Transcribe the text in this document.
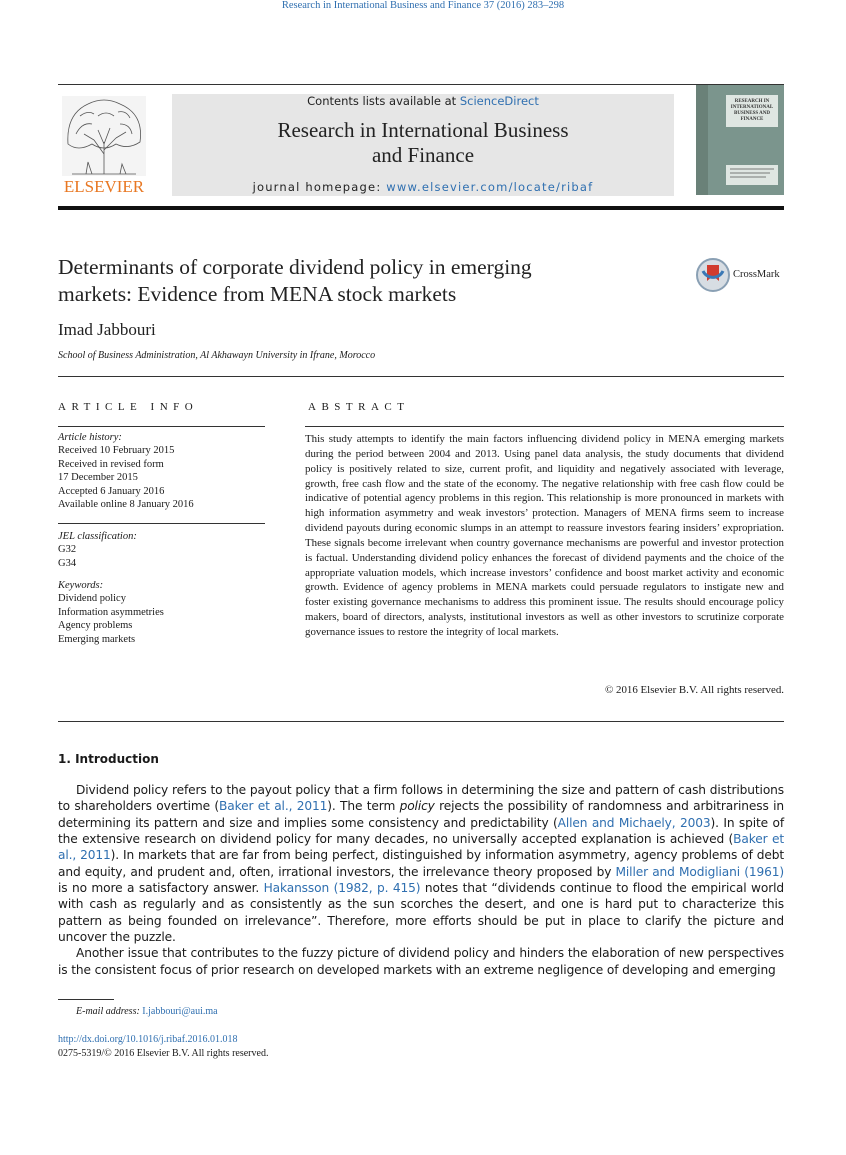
Research in International Business and Finance 37 (2016) 283–298
ELSEVIER
Contents lists available at ScienceDirect
Research in International Business
and Finance
journal homepage: www.elsevier.com/locate/ribaf
RESEARCH IN INTERNATIONAL BUSINESS AND FINANCE
Determinants of corporate dividend policy in emerging
markets: Evidence from MENA stock markets
CrossMark
Imad Jabbouri
School of Business Administration, Al Akhawayn University in Ifrane, Morocco
ARTICLE INFO	ABSTRACT
Article history:
Received 10 February 2015
Received in revised form
17 December 2015
Accepted 6 January 2016
Available online 8 January 2016
JEL classification:
G32
G34
Keywords:
Dividend policy
Information asymmetries
Agency problems
Emerging markets
This study attempts to identify the main factors influencing dividend policy in MENA emerging markets during the period between 2004 and 2013. Using panel data analysis, the study documents that dividend policy is positively related to size, current profit, and liquidity and negatively associated with leverage, growth, free cash flow and the state of the economy. The negative relationship with free cash flow could be indicative of potential agency problems in this region. This relationship is more pronounced in markets with high information asymmetry and weak investors’ protection. Managers of MENA firms seem to increase dividend payouts during economic slumps in an attempt to reassure investors fearing insiders’ expropriation. These signals become irrelevant when country governance mechanisms are powerful and investor protection is factual. Understanding dividend policy enhances the forecast of dividend payments and the choice of the appropriate valuation models, which increase investors’ confidence and boost market activity and economic growth. Evidence of agency problems in MENA markets could persuade regulators to instigate new and foster existing governance mechanisms to address this prominent issue. The results should encourage policy makers, board of directors, analysts, institutional investors as well as other investors to scrutinize corporate governance issues to restore the integrity of local markets.
© 2016 Elsevier B.V. All rights reserved.
1. Introduction

Dividend policy refers to the payout policy that a firm follows in determining the size and pattern of cash distributions to shareholders overtime (Baker et al., 2011). The term policy rejects the possibility of randomness and arbitrariness in determining its pattern and size and implies some consistency and predictability (Allen and Michaely, 2003). In spite of the extensive research on dividend policy for many decades, no universally accepted explanation is achieved (Baker et al., 2011). In markets that are far from being perfect, distinguished by information asymmetry, agency problems of debt and equity, and prudent and, often, irrational investors, the irrelevance theory proposed by Miller and Modigliani (1961) is no more a satisfactory answer. Hakansson (1982, p. 415) notes that “dividends continue to flood the empirical world with cash as regularly and as consistently as the sun scorches the desert, and one is hard put to characterize this pattern as being founded on irrelevance”. Therefore, more efforts should be put in place to clarify the picture and uncover the puzzle.

Another issue that contributes to the fuzzy picture of dividend policy and hinders the elaboration of new perspectives is the consistent focus of prior research on developed markets with an extreme negligence of developing and emerging

E-mail address: I.jabbouri@aui.ma
http://dx.doi.org/10.1016/j.ribaf.2016.01.018
0275-5319/© 2016 Elsevier B.V. All rights reserved.
